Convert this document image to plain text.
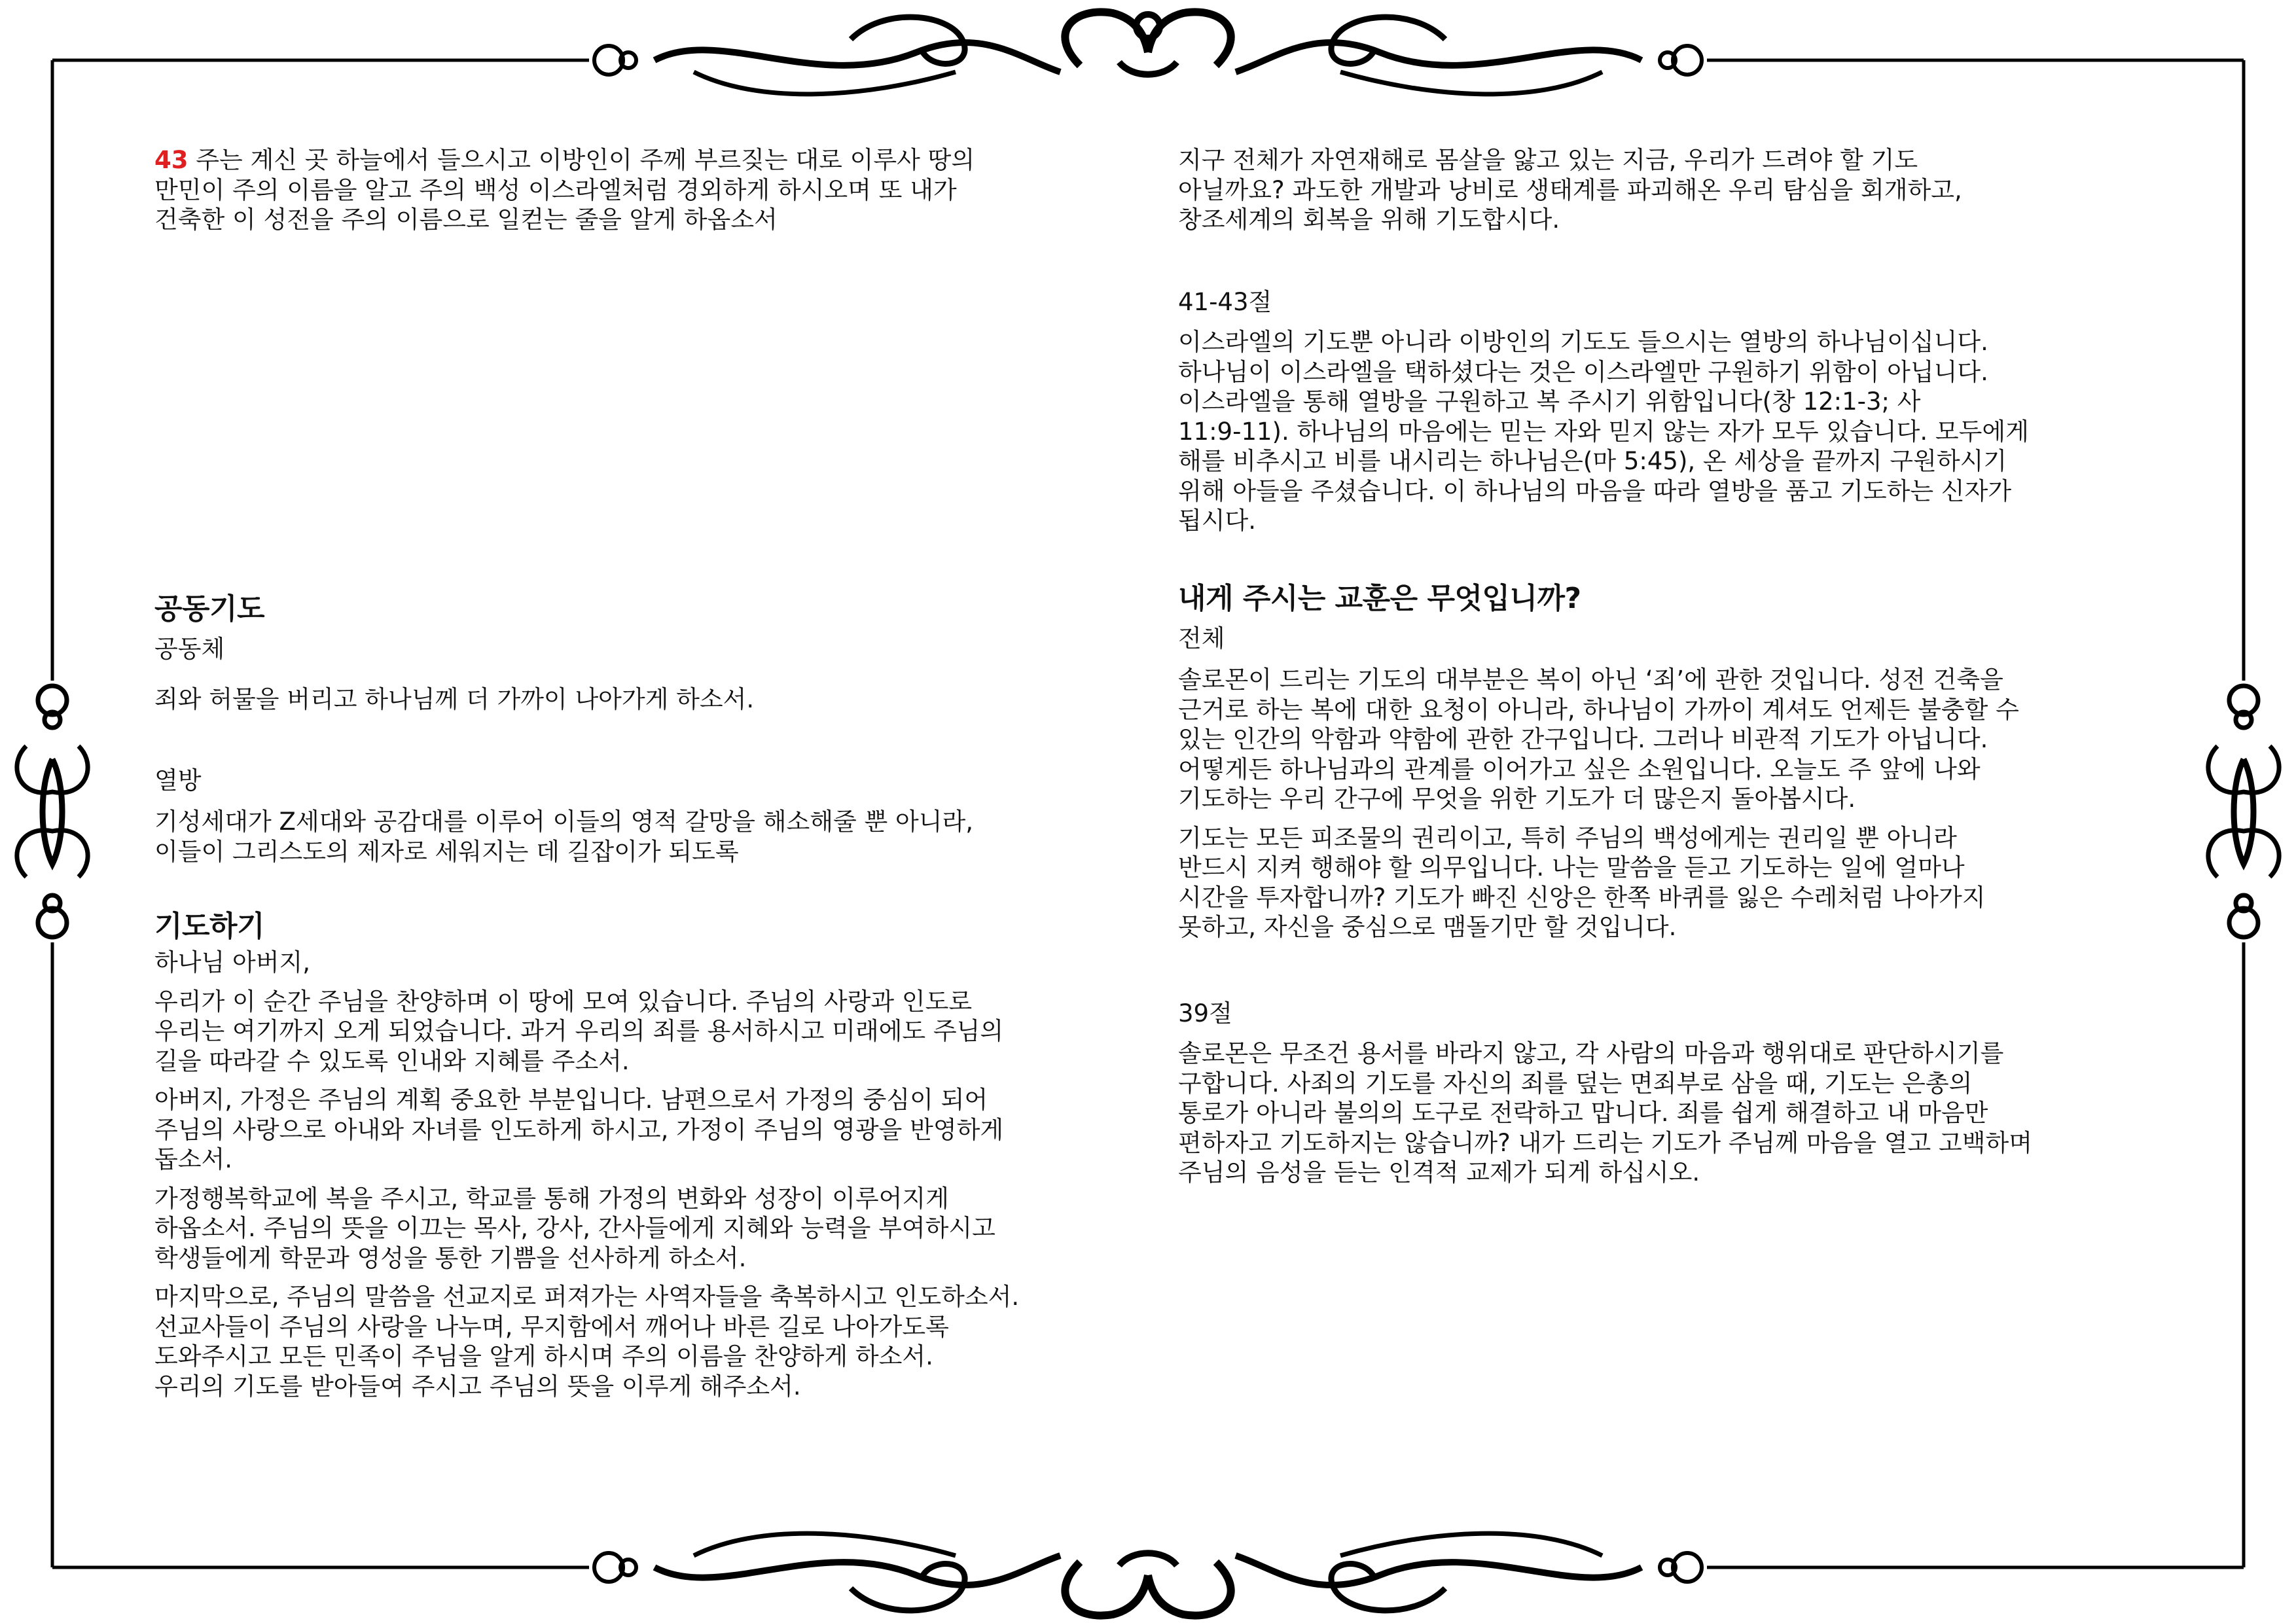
43 주는 계신 곳 하늘에서 들으시고 이방인이 주께 부르짖는 대로 이루사 땅의

만민이 주의 이름을 알고 주의 백성 이스라엘처럼 경외하게 하시오며 또 내가

건축한 이 성전을 주의 이름으로 일컫는 줄을 알게 하옵소서

공동기도

공동체

죄와 허물을 버리고 하나님께 더 가까이 나아가게 하소서.

열방

기성세대가 Z세대와 공감대를 이루어 이들의 영적 갈망을 해소해줄 뿐 아니라,

이들이 그리스도의 제자로 세워지는 데 길잡이가 되도록

기도하기

하나님 아버지,

우리가 이 순간 주님을 찬양하며 이 땅에 모여 있습니다. 주님의 사랑과 인도로

우리는 여기까지 오게 되었습니다. 과거 우리의 죄를 용서하시고 미래에도 주님의

길을 따라갈 수 있도록 인내와 지혜를 주소서.

아버지, 가정은 주님의 계획 중요한 부분입니다. 남편으로서 가정의 중심이 되어

주님의 사랑으로 아내와 자녀를 인도하게 하시고, 가정이 주님의 영광을 반영하게

돕소서.

가정행복학교에 복을 주시고, 학교를 통해 가정의 변화와 성장이 이루어지게

하옵소서. 주님의 뜻을 이끄는 목사, 강사, 간사들에게 지혜와 능력을 부여하시고

학생들에게 학문과 영성을 통한 기쁨을 선사하게 하소서.

마지막으로, 주님의 말씀을 선교지로 퍼져가는 사역자들을 축복하시고 인도하소서.

선교사들이 주님의 사랑을 나누며, 무지함에서 깨어나 바른 길로 나아가도록

도와주시고 모든 민족이 주님을 알게 하시며 주의 이름을 찬양하게 하소서.

우리의 기도를 받아들여 주시고 주님의 뜻을 이루게 해주소서.

지구 전체가 자연재해로 몸살을 앓고 있는 지금, 우리가 드려야 할 기도

아닐까요? 과도한 개발과 낭비로 생태계를 파괴해온 우리 탐심을 회개하고,

창조세계의 회복을 위해 기도합시다.

41-43절

이스라엘의 기도뿐 아니라 이방인의 기도도 들으시는 열방의 하나님이십니다.

하나님이 이스라엘을 택하셨다는 것은 이스라엘만 구원하기 위함이 아닙니다.

이스라엘을 통해 열방을 구원하고 복 주시기 위함입니다(창 12:1-3; 사

11:9-11). 하나님의 마음에는 믿는 자와 믿지 않는 자가 모두 있습니다. 모두에게

해를 비추시고 비를 내시리는 하나님은(마 5:45), 온 세상을 끝까지 구원하시기

위해 아들을 주셨습니다. 이 하나님의 마음을 따라 열방을 품고 기도하는 신자가

됩시다.

내게 주시는 교훈은 무엇입니까?

전체

솔로몬이 드리는 기도의 대부분은 복이 아닌 ‘죄’에 관한 것입니다. 성전 건축을

근거로 하는 복에 대한 요청이 아니라, 하나님이 가까이 계셔도 언제든 불충할 수

있는 인간의 악함과 약함에 관한 간구입니다. 그러나 비관적 기도가 아닙니다.

어떻게든 하나님과의 관계를 이어가고 싶은 소원입니다. 오늘도 주 앞에 나와

기도하는 우리 간구에 무엇을 위한 기도가 더 많은지 돌아봅시다.

기도는 모든 피조물의 권리이고, 특히 주님의 백성에게는 권리일 뿐 아니라

반드시 지켜 행해야 할 의무입니다. 나는 말씀을 듣고 기도하는 일에 얼마나

시간을 투자합니까? 기도가 빠진 신앙은 한쪽 바퀴를 잃은 수레처럼 나아가지

못하고, 자신을 중심으로 맴돌기만 할 것입니다.

39절

솔로몬은 무조건 용서를 바라지 않고, 각 사람의 마음과 행위대로 판단하시기를

구합니다. 사죄의 기도를 자신의 죄를 덮는 면죄부로 삼을 때, 기도는 은총의

통로가 아니라 불의의 도구로 전락하고 맙니다. 죄를 쉽게 해결하고 내 마음만

편하자고 기도하지는 않습니까? 내가 드리는 기도가 주님께 마음을 열고 고백하며

주님의 음성을 듣는 인격적 교제가 되게 하십시오.
